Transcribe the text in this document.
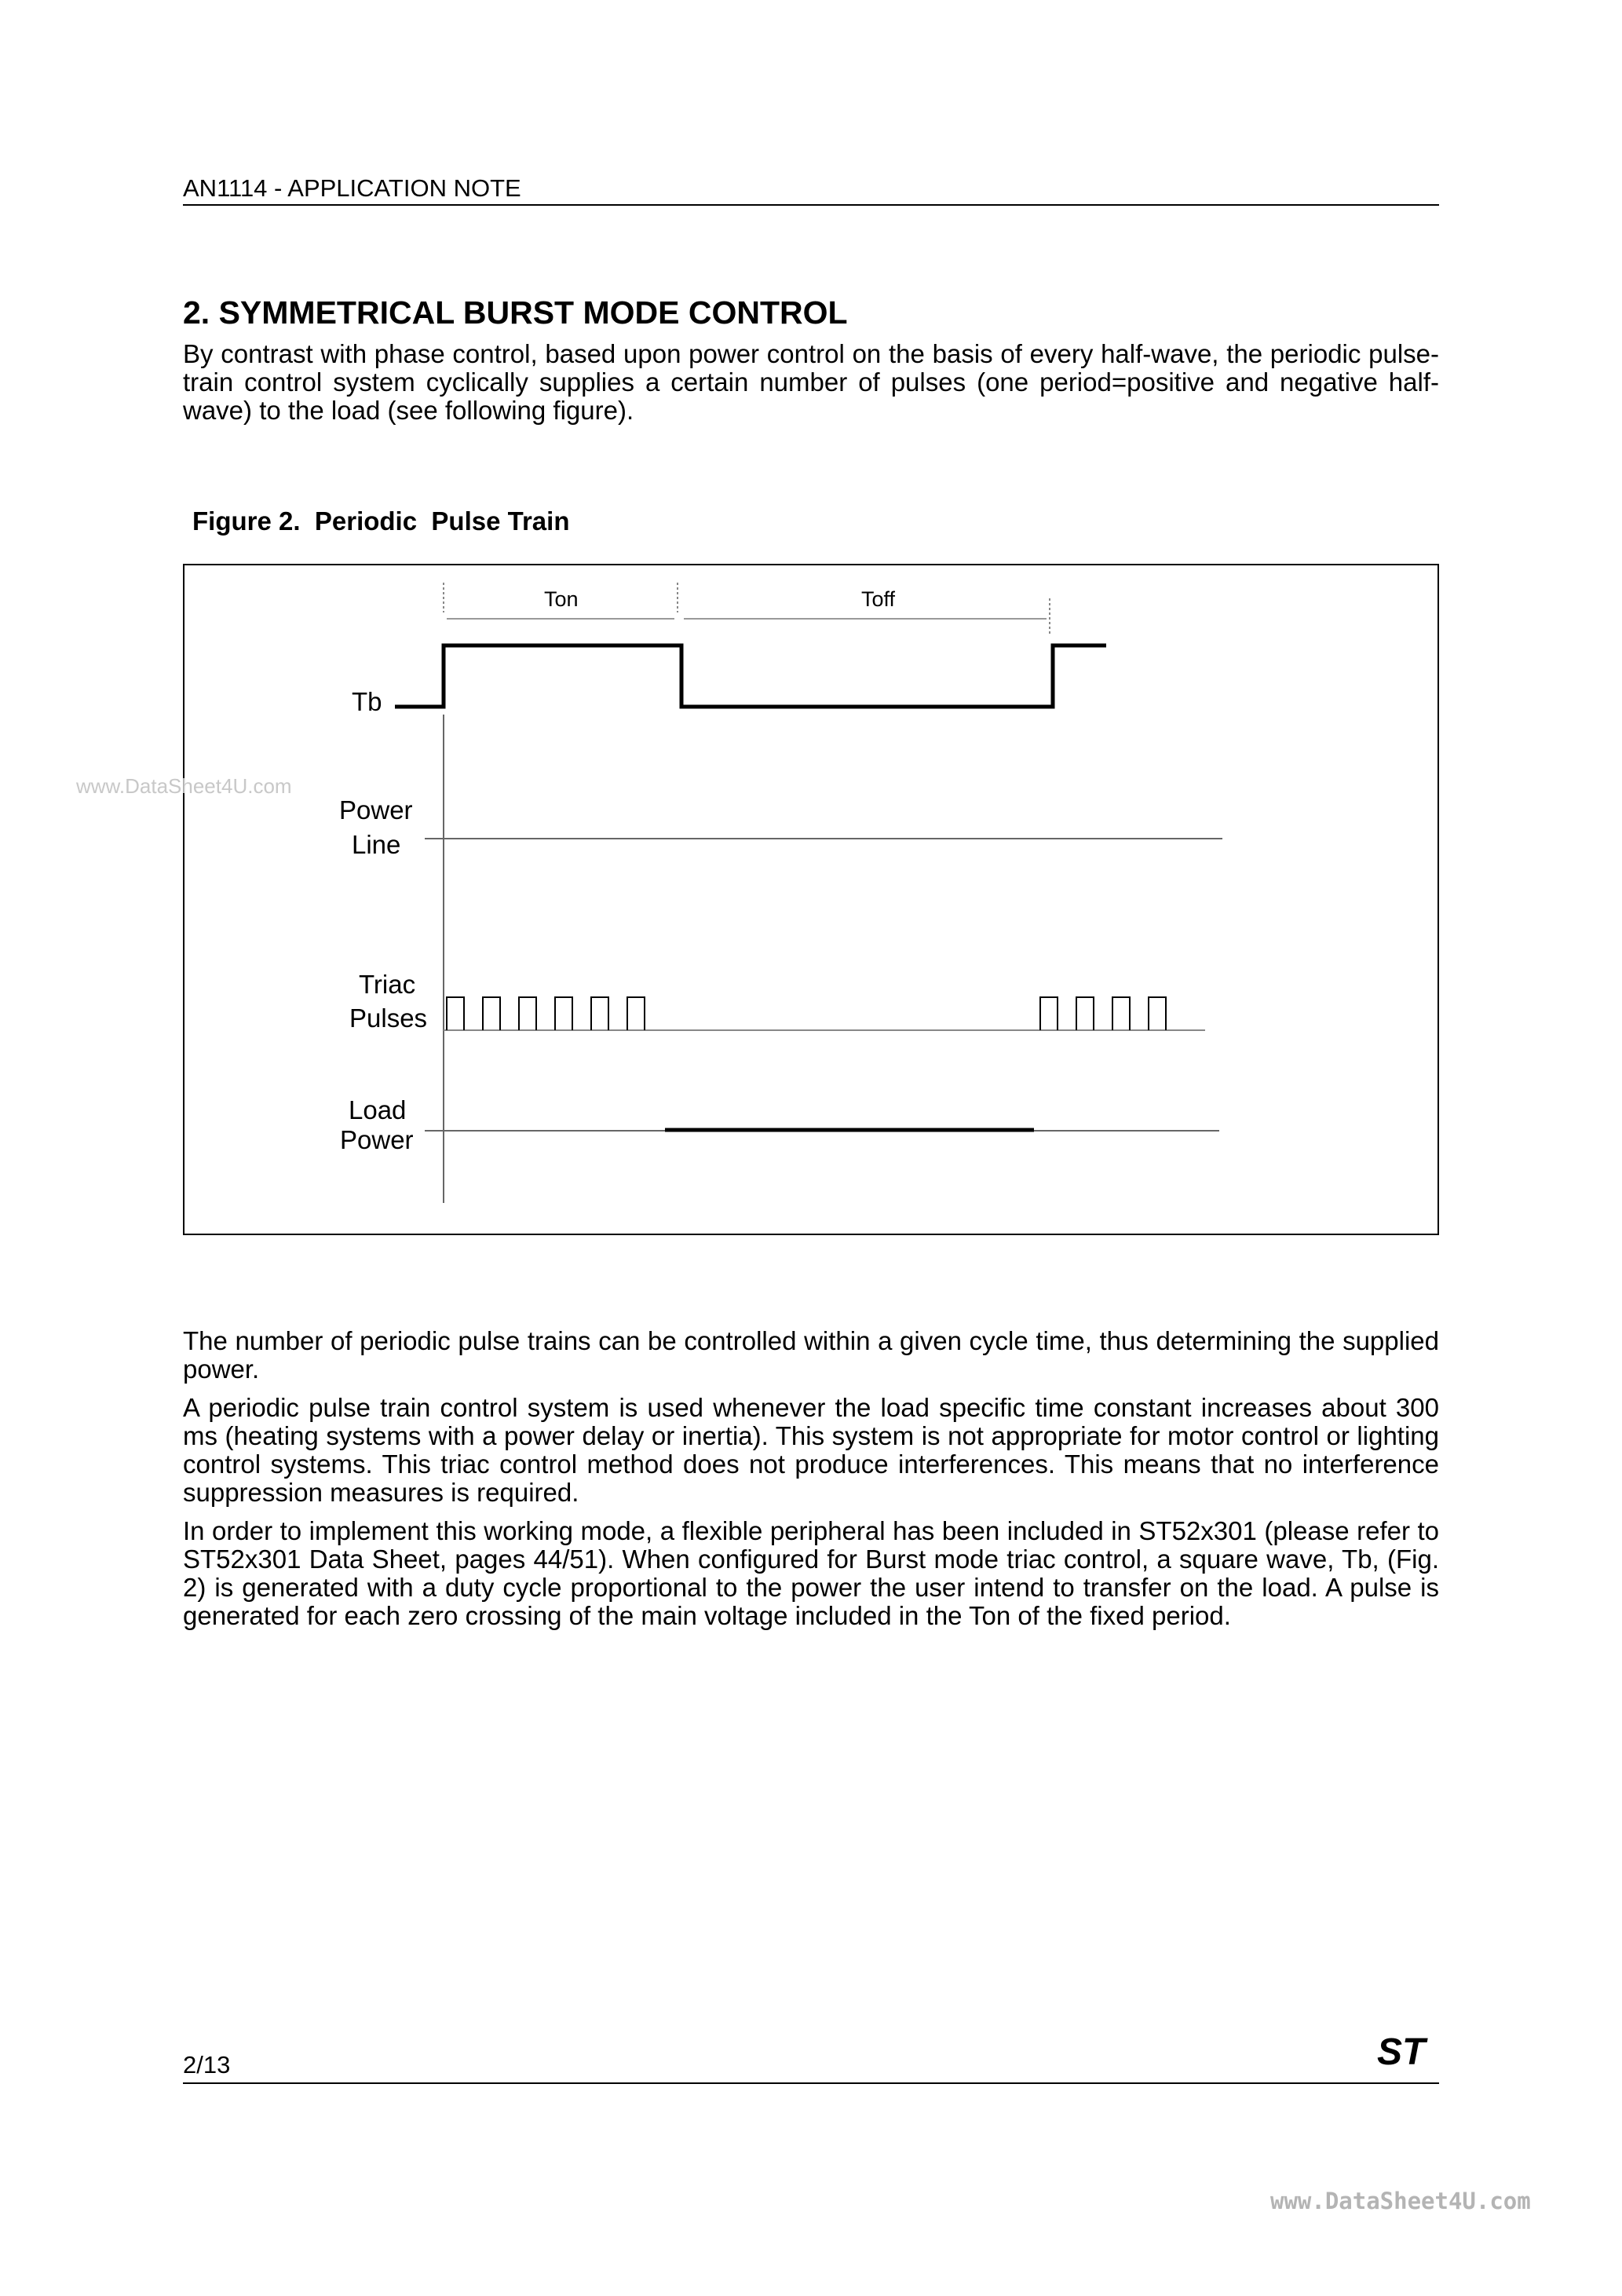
AN1114 - APPLICATION NOTE
2. SYMMETRICAL BURST MODE CONTROL
By contrast with phase control, based upon power control on the basis of every half-wave, the periodic pulse-train control system cyclically supplies a certain number of pulses (one period=positive and negative half-wave) to the load (see following figure).
Figure 2.  Periodic  Pulse Train
Ton	Toff
Tb
Power
Line
Triac
Pulses
Load
Power
www.DataSheet4U.com
The number of periodic pulse trains can be controlled within a given cycle time, thus determining the supplied power.
A periodic pulse train control system is used whenever the load specific time constant increases about 300 ms (heating systems with a power delay or inertia). This system is not appropriate for motor control or lighting control systems. This triac control method does not produce interferences. This means that no interference suppression measures is required.
In order to implement this working mode, a flexible peripheral has been included in ST52x301 (please refer to ST52x301 Data Sheet, pages 44/51). When configured for Burst mode triac control, a square wave, Tb, (Fig. 2) is generated with a duty cycle proportional to the power the user intend to transfer on the load. A pulse is generated for each zero crossing of the main voltage included in the Ton of the fixed period.
2/13	ST
www.DataSheet4U.com
